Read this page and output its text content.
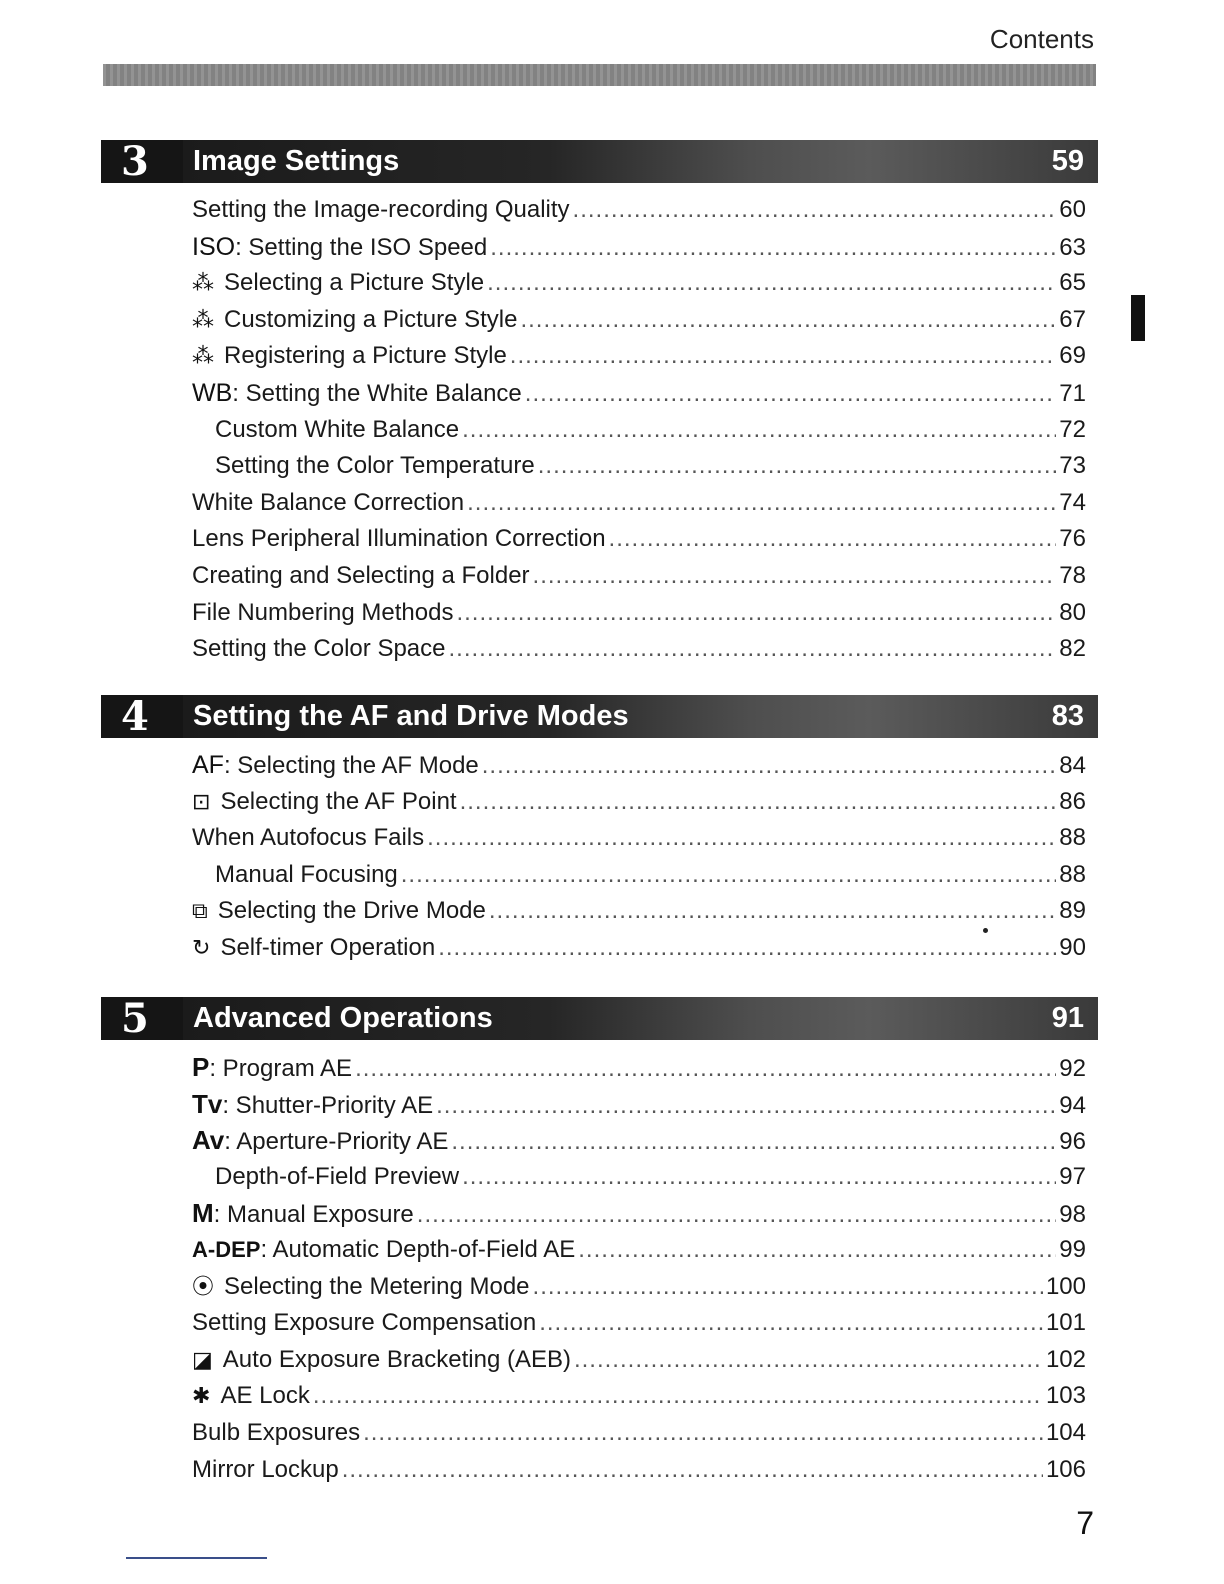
Contents
3 Image Settings	59
Setting the Image-recording Quality .....	60
ISO : Setting the ISO Speed .....	63
⁂ Selecting a Picture Style .....	65
⁂ Customizing a Picture Style .....	67
⁂ Registering a Picture Style .....	69
WB : Setting the White Balance .....	71
Custom White Balance .....	72
Setting the Color Temperature .....	73
White Balance Correction .....	74
Lens Peripheral Illumination Correction .....	76
Creating and Selecting a Folder .....	78
File Numbering Methods .....	80
Setting the Color Space .....	82
4 Setting the AF and Drive Modes	83
AF : Selecting the AF Mode .....	84
⊡ Selecting the AF Point .....	86
When Autofocus Fails .....	88
Manual Focusing .....	88
⧉ Selecting the Drive Mode .....	89
↻ Self-timer Operation .....	90
5 Advanced Operations	91
P : Program AE .....	92
Tv : Shutter-Priority AE .....	94
Av : Aperture-Priority AE .....	96
Depth-of-Field Preview .....	97
M : Manual Exposure .....	98
A-DEP : Automatic Depth-of-Field AE .....	99
⦿ Selecting the Metering Mode .....	100
Setting Exposure Compensation .....	101
◪ Auto Exposure Bracketing (AEB) .....	102
✱ AE Lock .....	103
Bulb Exposures .....	104
Mirror Lockup .....	106
7
